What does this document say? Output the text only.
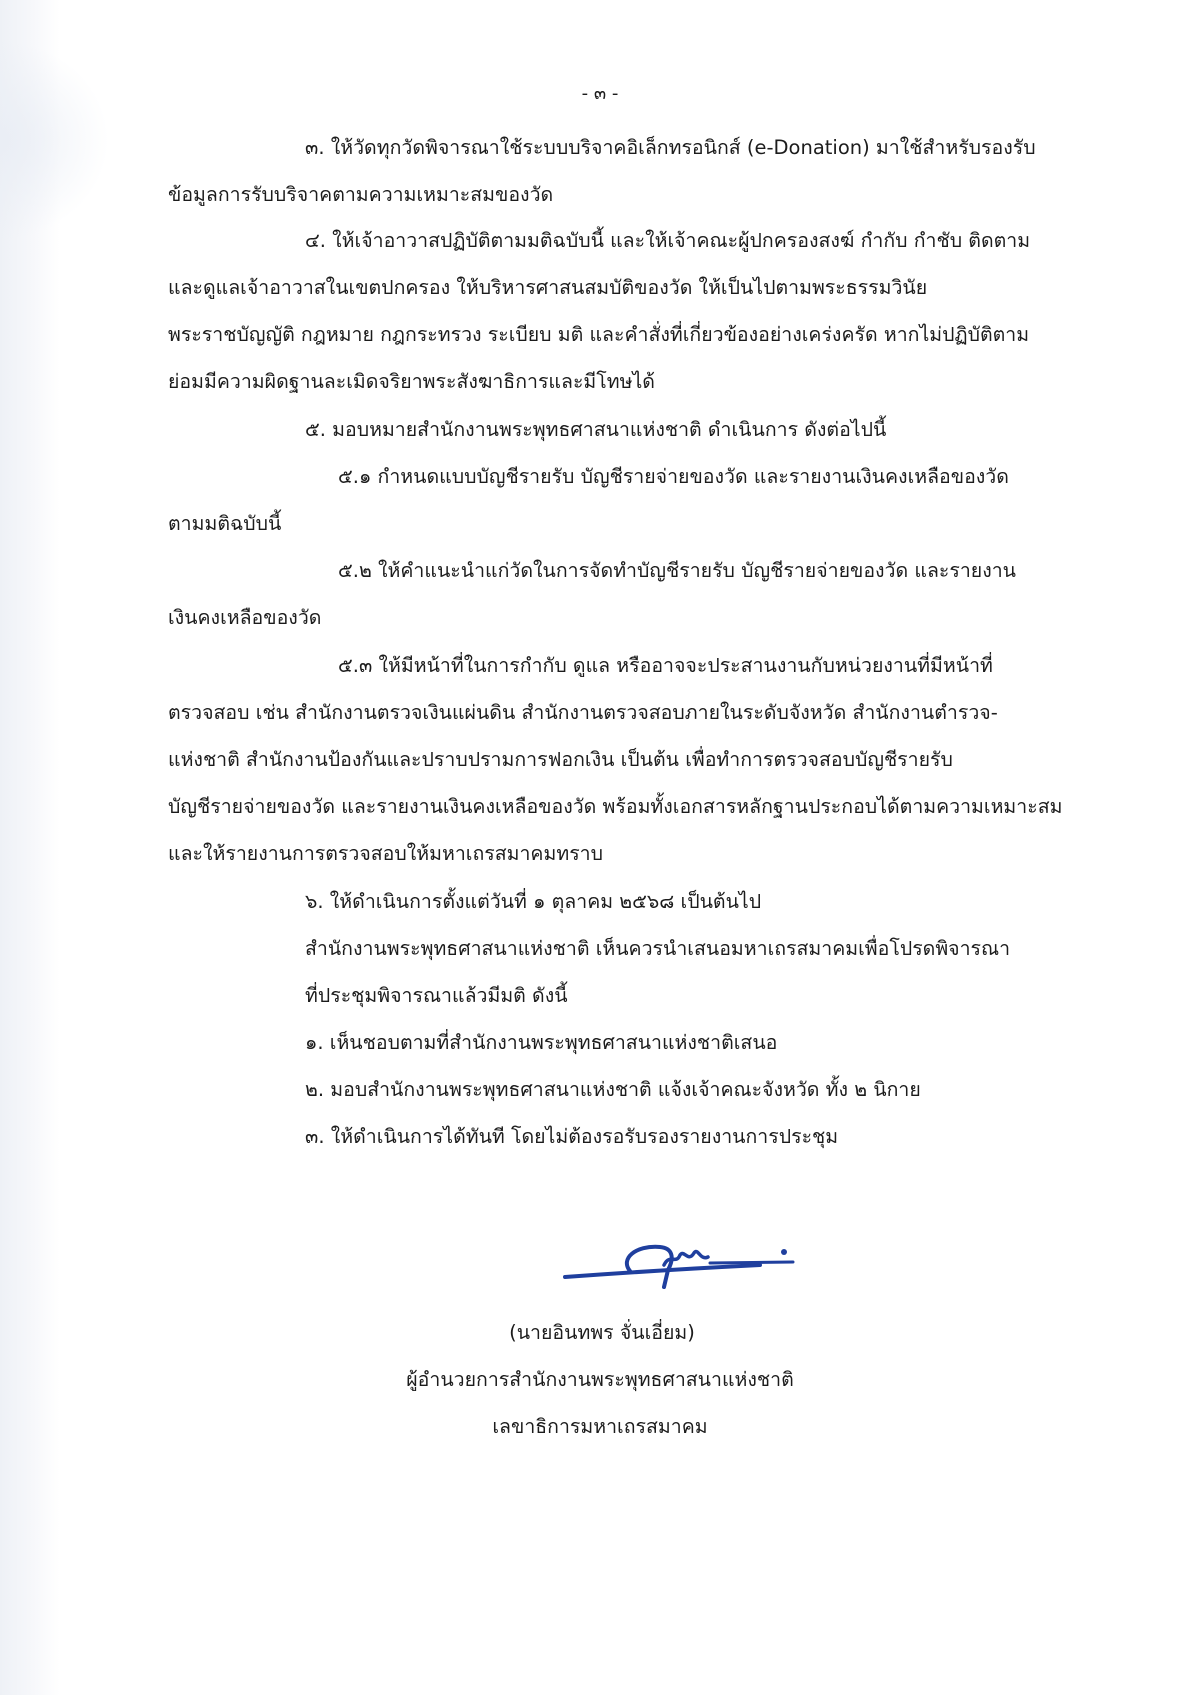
- ๓ -
๓. ให้วัดทุกวัดพิจารณาใช้ระบบบริจาคอิเล็กทรอนิกส์ (e-Donation) มาใช้สำหรับรองรับ
ข้อมูลการรับบริจาคตามความเหมาะสมของวัด
๔. ให้เจ้าอาวาสปฏิบัติตามมติฉบับนี้ และให้เจ้าคณะผู้ปกครองสงฆ์ กำกับ กำชับ ติดตาม
และดูแลเจ้าอาวาสในเขตปกครอง ให้บริหารศาสนสมบัติของวัด ให้เป็นไปตามพระธรรมวินัย
พระราชบัญญัติ กฎหมาย กฎกระทรวง ระเบียบ มติ และคำสั่งที่เกี่ยวข้องอย่างเคร่งครัด หากไม่ปฏิบัติตาม
ย่อมมีความผิดฐานละเมิดจริยาพระสังฆาธิการและมีโทษได้
๕. มอบหมายสำนักงานพระพุทธศาสนาแห่งชาติ ดำเนินการ ดังต่อไปนี้
๕.๑ กำหนดแบบบัญชีรายรับ บัญชีรายจ่ายของวัด และรายงานเงินคงเหลือของวัด
ตามมติฉบับนี้
๕.๒ ให้คำแนะนำแก่วัดในการจัดทำบัญชีรายรับ บัญชีรายจ่ายของวัด และรายงาน
เงินคงเหลือของวัด
๕.๓ ให้มีหน้าที่ในการกำกับ ดูแล หรืออาจจะประสานงานกับหน่วยงานที่มีหน้าที่
ตรวจสอบ เช่น สำนักงานตรวจเงินแผ่นดิน สำนักงานตรวจสอบภายในระดับจังหวัด สำนักงานตำรวจ-
แห่งชาติ สำนักงานป้องกันและปราบปรามการฟอกเงิน เป็นต้น เพื่อทำการตรวจสอบบัญชีรายรับ
บัญชีรายจ่ายของวัด และรายงานเงินคงเหลือของวัด พร้อมทั้งเอกสารหลักฐานประกอบได้ตามความเหมาะสม
และให้รายงานการตรวจสอบให้มหาเถรสมาคมทราบ
๖. ให้ดำเนินการตั้งแต่วันที่ ๑ ตุลาคม ๒๕๖๘ เป็นต้นไป
สำนักงานพระพุทธศาสนาแห่งชาติ เห็นควรนำเสนอมหาเถรสมาคมเพื่อโปรดพิจารณา
ที่ประชุมพิจารณาแล้วมีมติ ดังนี้
๑. เห็นชอบตามที่สำนักงานพระพุทธศาสนาแห่งชาติเสนอ
๒. มอบสำนักงานพระพุทธศาสนาแห่งชาติ แจ้งเจ้าคณะจังหวัด ทั้ง ๒ นิกาย
๓. ให้ดำเนินการได้ทันที โดยไม่ต้องรอรับรองรายงานการประชุม
(นายอินทพร จั่นเอี่ยม)
ผู้อำนวยการสำนักงานพระพุทธศาสนาแห่งชาติ
เลขาธิการมหาเถรสมาคม
